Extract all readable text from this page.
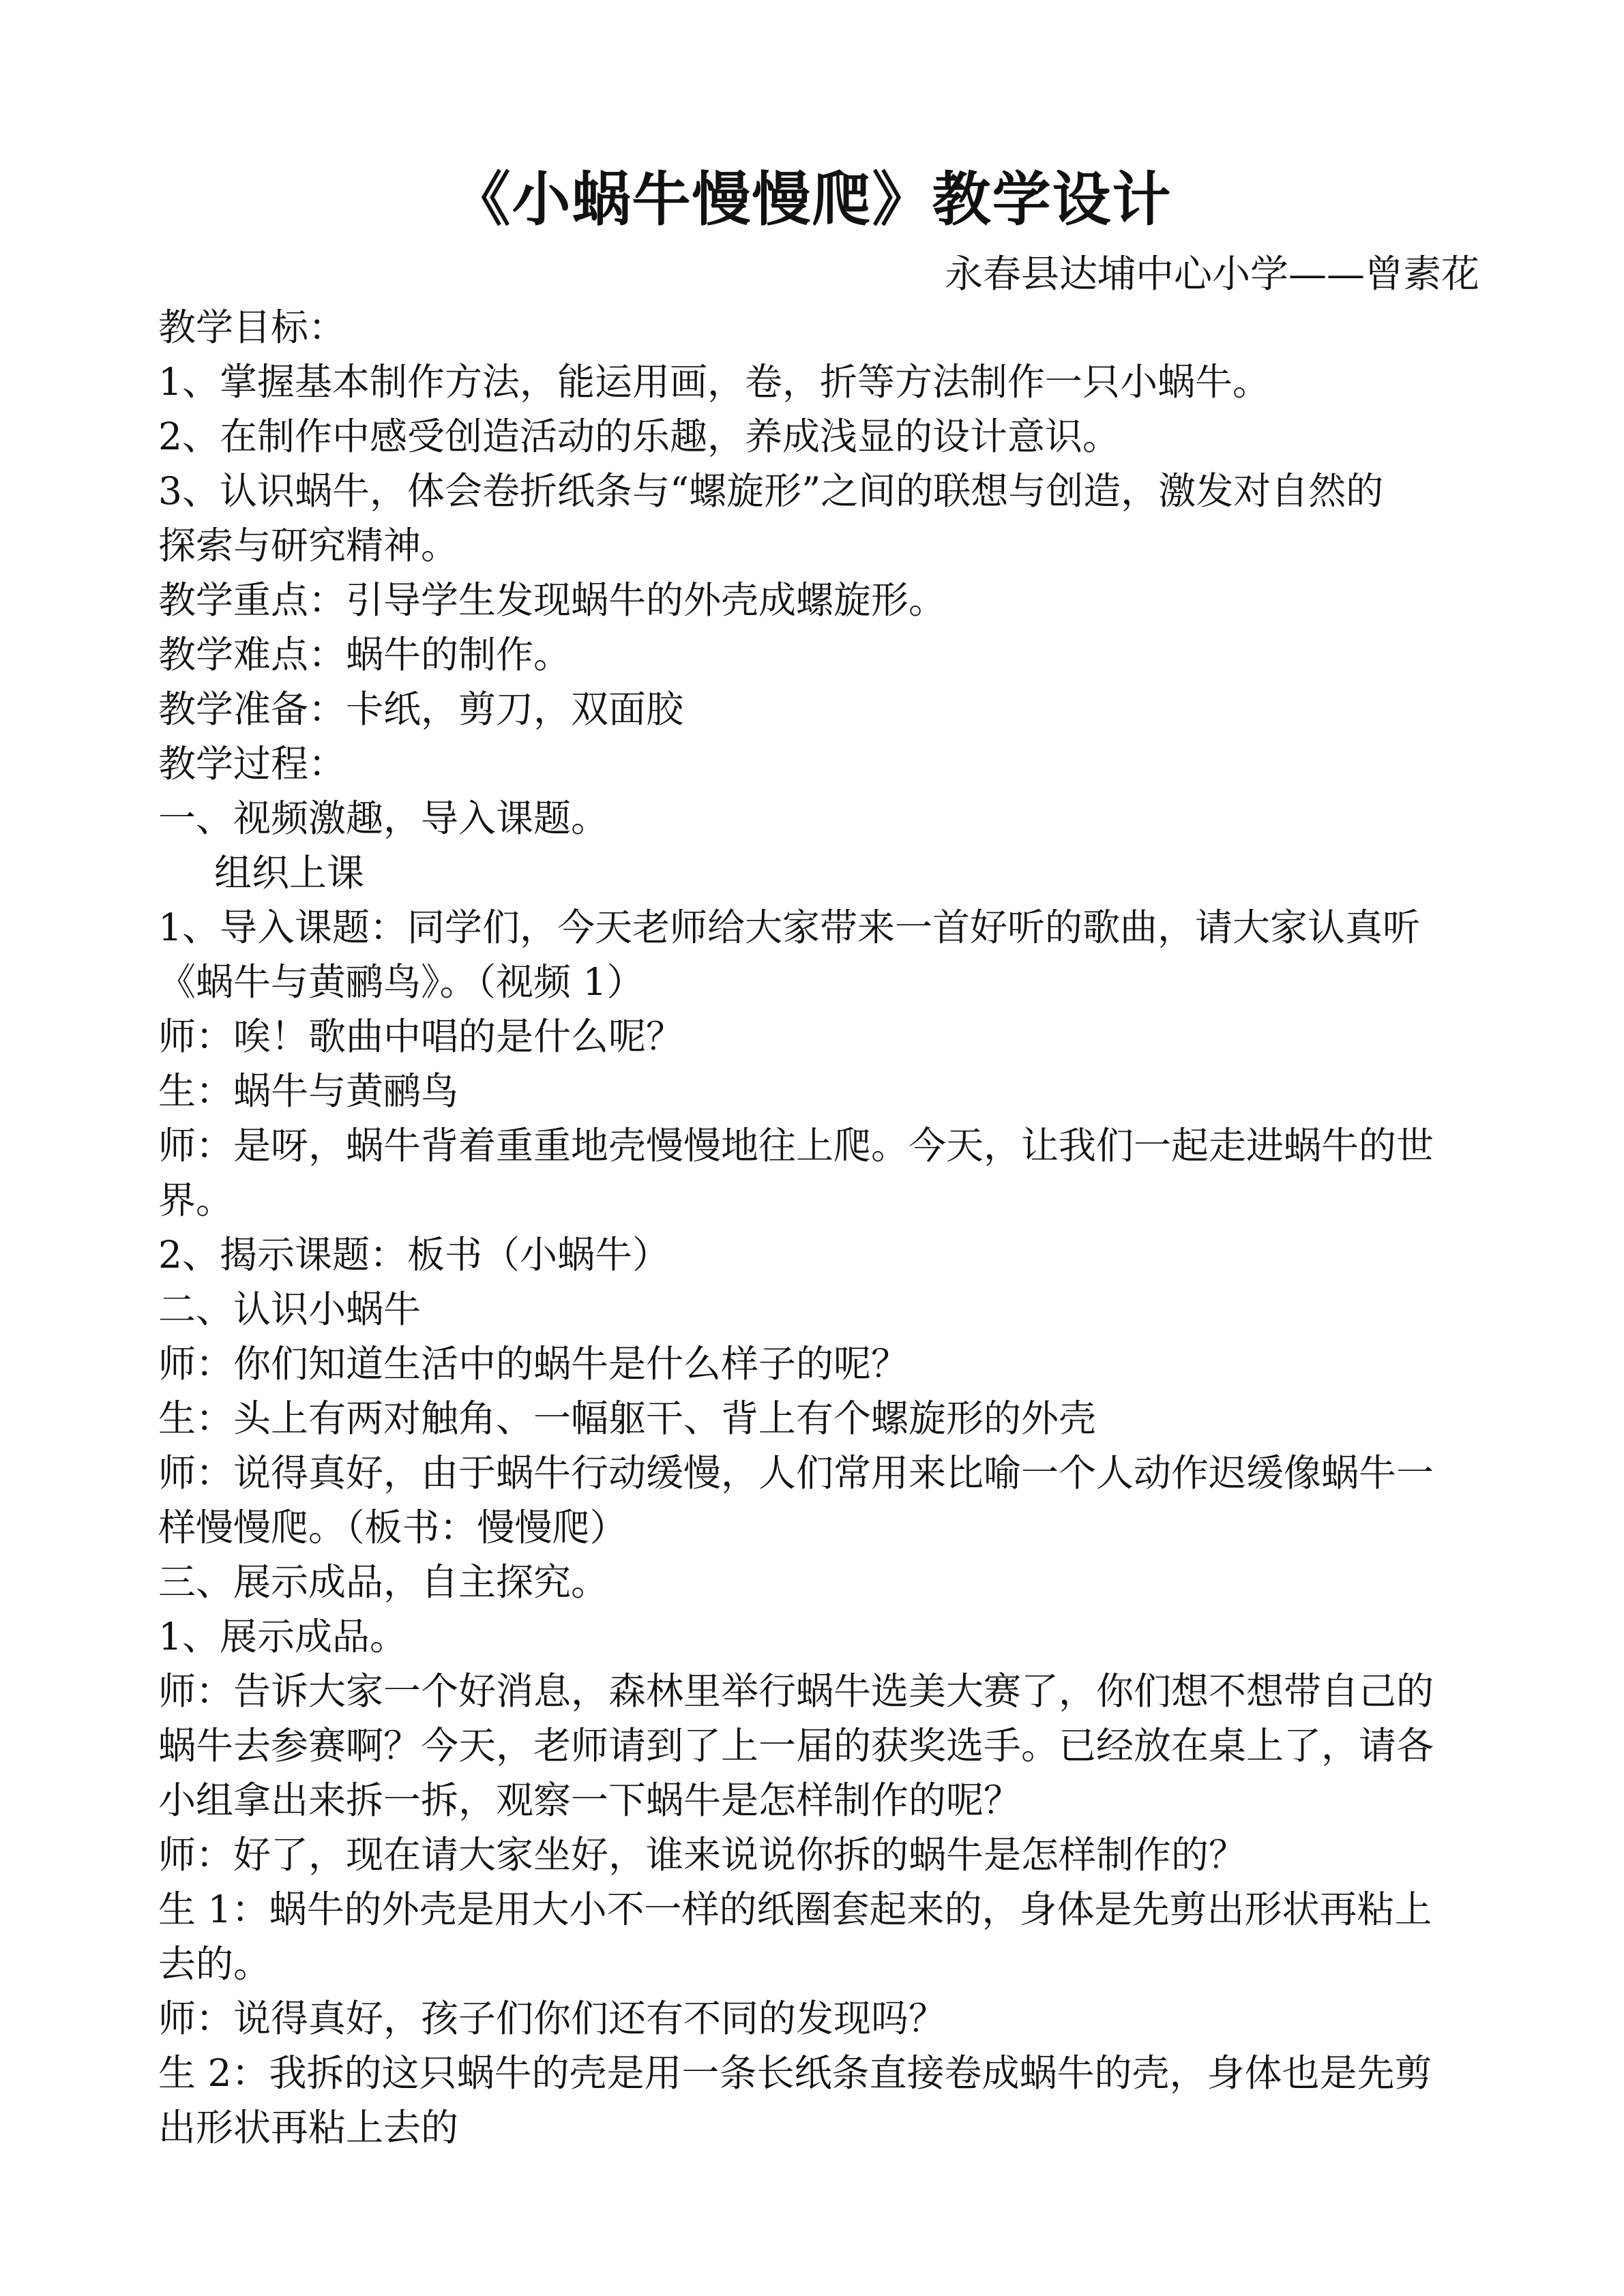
《小蜗牛慢慢爬》教学设计
永春县达埔中心小学——曾素花
教学目标：
1、掌握基本制作方法，能运用画，卷，折等方法制作一只小蜗牛。
2、在制作中感受创造活动的乐趣，养成浅显的设计意识。
3、认识蜗牛，体会卷折纸条与“螺旋形”之间的联想与创造，激发对自然的
探索与研究精神。
教学重点：引导学生发现蜗牛的外壳成螺旋形。
教学难点：蜗牛的制作。
教学准备：卡纸，剪刀，双面胶
教学过程：
一、视频激趣，导入课题。
组织上课
1、导入课题：同学们，今天老师给大家带来一首好听的歌曲，请大家认真听
《蜗牛与黄鹂鸟》。（视频 1）
师：唉！歌曲中唱的是什么呢？
生：蜗牛与黄鹂鸟
师：是呀，蜗牛背着重重地壳慢慢地往上爬。今天，让我们一起走进蜗牛的世
界。
2、揭示课题：板书（小蜗牛）
二、认识小蜗牛
师：你们知道生活中的蜗牛是什么样子的呢？
生：头上有两对触角、一幅躯干、背上有个螺旋形的外壳
师：说得真好，由于蜗牛行动缓慢，人们常用来比喻一个人动作迟缓像蜗牛一
样慢慢爬。（板书：慢慢爬）
三、展示成品，自主探究。
1、展示成品。
师：告诉大家一个好消息，森林里举行蜗牛选美大赛了，你们想不想带自己的
蜗牛去参赛啊？今天，老师请到了上一届的获奖选手。已经放在桌上了，请各
小组拿出来拆一拆，观察一下蜗牛是怎样制作的呢？
师：好了，现在请大家坐好，谁来说说你拆的蜗牛是怎样制作的？
生 1：蜗牛的外壳是用大小不一样的纸圈套起来的，身体是先剪出形状再粘上
去的。
师：说得真好，孩子们你们还有不同的发现吗？
生 2：我拆的这只蜗牛的壳是用一条长纸条直接卷成蜗牛的壳，身体也是先剪
出形状再粘上去的
